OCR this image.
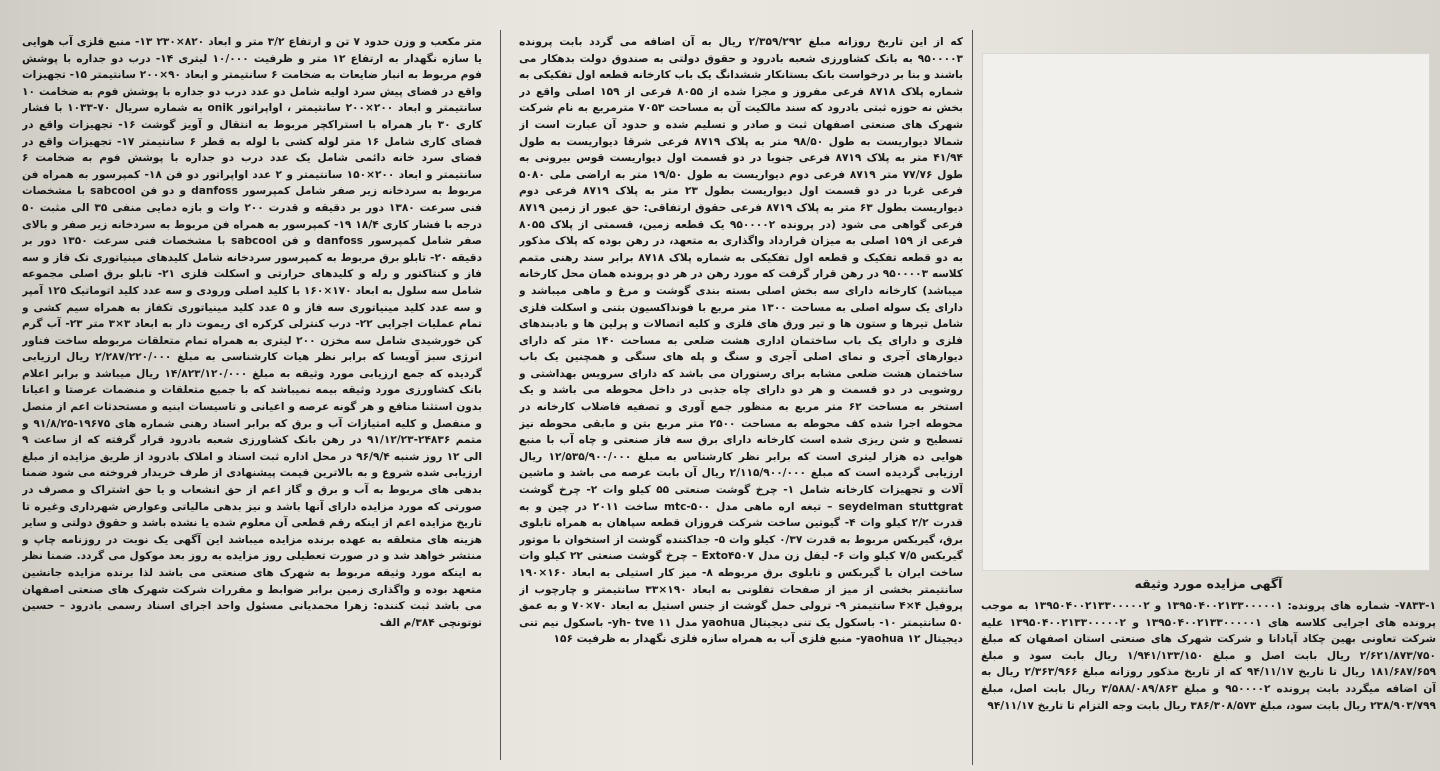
متر مکعب و وزن حدود ۷ تن و ارتفاع ۳/۲ متر و ابعاد ۸۲۰×۲۳۰ ۱۳- منبع فلزی آب هوایی یا سازه نگهدار به ارتفاع ۱۲ متر و ظرفیت ۱۰/۰۰۰ لیتری ۱۴- درب دو جداره با پوشش فوم مربوط به انبار ضایعات به ضخامت ۶ سانتیمتر و ابعاد ۹۰×۲۰۰ سانتیمتر ۱۵- تجهیزات واقع در فضای پیش سرد اولیه شامل دو عدد درب دو جداره با پوشش فوم به ضخامت ۱۰ سانتیمتر و ابعاد ۲۰۰×۲۰۰ سانتیمتر ، اواپراتور onik به شماره سریال ۷۰-۱۰۳۳ با فشار کاری ۳۰ بار همراه با استراکچر مربوط به انتقال و آویز گوشت ۱۶- تجهیزات واقع در فضای کاری شامل ۱۶ متر لوله کشی با لوله به قطر ۶ سانتیمتر ۱۷- تجهیزات واقع در فضای سرد خانه دائمی شامل یک عدد درب دو جداره با پوشش فوم به ضخامت ۶ سانتیمتر و ابعاد ۲۰۰×۱۵۰ سانتیمتر و ۲ عدد اواپراتور دو فن ۱۸- کمپرسور به همراه فن مربوط به سردخانه زیر صفر شامل کمپرسور danfoss و دو فن sabcool با مشخصات فنی سرعت ۱۳۸۰ دور بر دقیقه و قدرت ۲۰۰ وات و بازه دمایی منفی ۳۵ الی مثبت ۵۰ درجه با فشار کاری ۱۸/۴ ۱۹- کمپرسور به همراه فن مربوط به سردخانه زیر صفر و بالای صفر شامل کمپرسور danfoss و فن sabcool با مشخصات فنی سرعت ۱۳۵۰ دور بر دقیقه ۲۰- تابلو برق مربوط به کمپرسور سردخانه شامل کلیدهای مینیاتوری تک فاز و سه فاز و کنتاکتور و رله و کلیدهای حرارتی و اسکلت فلزی ۲۱- تابلو برق اصلی مجموعه شامل سه سلول به ابعاد ۱۷۰×۱۶۰ با کلید اصلی ورودی و سه عدد کلید اتوماتیک ۱۲۵ آمپر و سه عدد کلید مینیاتوری سه فاز و ۵ عدد کلید مینیاتوری تکفاز به همراه سیم کشی و تمام عملیات اجرایی ۲۲- درب کنترلی کرکره ای ریموت دار به ابعاد ۳×۳ متر ۲۳- آب گرم کن خورشیدی شامل سه مخزن ۲۰۰ لیتری به همراه تمام متعلقات مربوطه ساخت فناور انرژی سبز آویسا که برابر نظر هیات کارشناسی به مبلغ ۲/۲۸۷/۲۲۰/۰۰۰ ریال ارزیابی گردیده که جمع ارزیابی مورد وثیقه به مبلغ ۱۴/۸۲۳/۱۲۰/۰۰۰ ریال میباشد و برابر اعلام بانک کشاورزی مورد وثیقه بیمه نمیباشد که با جمیع متعلقات و منضمات عرصتا و اعیانا بدون استثنا منافع و هر گونه عرصه و اعیانی و تاسیسات ابنیه و مستحدثات اعم از متصل و منفصل و کلیه امتیازات آب و برق که برابر اسناد رهنی شماره های ۱۹۶۷۵-۹۱/۸/۲۵ و متمم ۲۴۸۳۶-۹۱/۱۲/۲۳ در رهن بانک کشاورزی شعبه بادرود قرار گرفته که از ساعت ۹ الی ۱۲ روز شنبه ۹۶/۹/۴ در محل اداره ثبت اسناد و املاک بادرود از طریق مزایده از مبلغ ارزیابی شده شروع و به بالاترین قیمت پیشنهادی از طرف خریدار فروخته می شود ضمنا بدهی های مربوط به آب و برق و گاز اعم از حق انشعاب و یا حق اشتراک و مصرف در صورتی که مورد مزایده دارای آنها باشد و نیز بدهی مالیاتی وعوارض شهرداری وغیره تا تاریخ مزایده اعم از اینکه رقم قطعی آن معلوم شده یا نشده باشد و حقوق دولتی و سایر هزینه های متعلقه به عهده برنده مزایده میباشد این آگهی یک نوبت در روزنامه چاپ و منتشر خواهد شد و در صورت تعطیلی روز مزایده به روز بعد موکول می گردد. ضمنا نظر به اینکه مورد وثیقه مربوط به شهرک های صنعتی می باشد لذا برنده مزایده جانشین متعهد بوده و واگذاری زمین برابر ضوابط و مقررات شرکت شهرک های صنعتی اصفهان می باشد ثبت کننده: زهرا محمدیانی مسئول واحد اجرای اسناد رسمی بادرود – حسین توتونچی ۳۸۴/م الف

که از این تاریخ روزانه مبلغ ۲/۳۵۹/۲۹۲ ریال به آن اضافه می گردد بابت پرونده ۹۵۰۰۰۰۳ به بانک کشاورزی شعبه بادرود و حقوق دولتی به صندوق دولت بدهکار می باشند و بنا بر درخواست بانک بستانکار ششدانگ یک باب کارخانه قطعه اول تفکیکی به شماره پلاک ۸۷۱۸ فرعی مفروز و مجزا شده از ۸۰۵۵ فرعی از ۱۵۹ اصلی واقع در بخش نه حوزه ثبتی بادرود که سند مالکیت آن به مساحت ۷۰۵۳ مترمربع به نام شرکت شهرک های صنعتی اصفهان ثبت و صادر و تسلیم شده و حدود آن عبارت است از شمالا دیواریست به طول ۹۸/۵۰ متر به پلاک ۸۷۱۹ فرعی شرقا دیواریست به طول ۴۱/۹۴ متر به پلاک ۸۷۱۹ فرعی جنوبا در دو قسمت اول دیواریست قوس بیرونی به طول ۷۷/۷۶ متر ۸۷۱۹ فرعی دوم دیواریست به طول ۱۹/۵۰ متر به اراضی ملی ۵۰۸۰ فرعی غربا در دو قسمت اول دیواریست بطول ۲۳ متر به پلاک ۸۷۱۹ فرعی دوم دیواریست بطول ۶۳ متر به پلاک ۸۷۱۹ فرعی حقوق ارتفاقی: حق عبور از زمین ۸۷۱۹ فرعی گواهی می شود (در پرونده ۹۵۰۰۰۰۲ یک قطعه زمین، قسمتی از پلاک ۸۰۵۵ فرعی از ۱۵۹ اصلی به میزان قرارداد واگذاری به متعهد، در رهن بوده که پلاک مذکور به دو قطعه تفکیک و قطعه اول تفکیکی به شماره پلاک ۸۷۱۸ برابر سند رهنی متمم کلاسه ۹۵۰۰۰۰۳ در رهن قرار گرفت که مورد رهن در هر دو پرونده همان محل کارخانه میباشد) کارخانه دارای سه بخش اصلی بسته بندی گوشت و مرغ و ماهی میباشد و دارای یک سوله اصلی به مساحت ۱۳۰۰ متر مربع با فونداکسیون بتنی و اسکلت فلزی شامل تیرها و ستون ها و تیر ورق های فلزی و کلیه اتصالات و پرلین ها و بادبندهای فلزی و دارای یک باب ساختمان اداری هشت ضلعی به مساحت ۱۴۰ متر که دارای دیوارهای آجری و نمای اصلی آجری و سنگ و پله های سنگی و همچنین یک باب ساختمان هشت ضلعی مشابه برای رستوران می باشد که دارای سرویس بهداشتی و روشویی در دو قسمت و هر دو دارای چاه جذبی در داخل محوطه می باشد و یک استخر به مساحت ۶۲ متر مربع به منظور جمع آوری و تصفیه فاضلاب کارخانه در محوطه اجرا شده کف محوطه به مساحت ۲۵۰۰ متر مربع بتن و مابقی محوطه نیز تسطیح و شن ریزی شده است کارخانه دارای برق سه فاز صنعتی و چاه آب با منبع هوایی ده هزار لیتری است که برابر نظر کارشناس به مبلغ ۱۲/۵۳۵/۹۰۰/۰۰۰ ریال ارزیابی گردیده است که مبلغ ۲/۱۱۵/۹۰۰/۰۰۰ ریال آن بابت عرصه می باشد و ماشین آلات و تجهیزات کارخانه شامل ۱- چرخ گوشت صنعتی ۵۵ کیلو وات ۲- چرخ گوشت seydelman stuttgrat – تیغه اره ماهی مدل mtc-۵۰۰ ساخت ۲۰۱۱ در چین و به قدرت ۲/۲ کیلو وات ۴- گیوتین ساخت شرکت فروزان قطعه سپاهان به همراه تابلوی برق، گیربکس مربوط به قدرت ۰/۳۷ کیلو وات ۵- جداکننده گوشت از استخوان با موتور گیربکس ۷/۵ کیلو وات ۶- لیفل زن مدل Exto۴۵۰۷ – چرخ گوشت صنعتی ۲۲ کیلو وات ساخت ایران با گیربکس و تابلوی برق مربوطه ۸- میز کار استیلی به ابعاد ۱۶۰×۱۹۰ سانتیمتر بخشی از میز از صفحات تفلونی به ابعاد ۱۹۰×۳۳ سانتیمتر و چارچوب از پروفیل ۴×۴ سانتیمتر ۹- ترولی حمل گوشت از جنس استیل به ابعاد ۷۰×۷۰ و به عمق ۵۰ سانتیمتر ۱۰- باسکول یک تنی دیجیتال yaohua مدل yh- tve ۱۱- باسکول نیم تنی دیجیتال yaohua ۱۲- منبع فلزی آب به همراه سازه فلزی نگهدار به ظرفیت ۱۵۶

آگهی مزایده مورد وثیقه

۷۸۳۳-۱- شماره های پرونده: ۱۳۹۵۰۴۰۰۲۱۳۳۰۰۰۰۰۱ و ۱۳۹۵۰۴۰۰۲۱۳۳۰۰۰۰۰۲ به موجب پرونده های اجرایی کلاسه های ۱۳۹۵۰۴۰۰۲۱۳۳۰۰۰۰۰۱ و ۱۳۹۵۰۴۰۰۲۱۳۳۰۰۰۰۰۲ علیه شرکت تعاونی بهین چکاد آپادانا و شرکت شهرک های صنعتی استان اصفهان که مبلغ ۲/۶۲۱/۸۷۳/۷۵۰ ریال بابت اصل و مبلغ ۱/۹۴۱/۱۳۳/۱۵۰ ریال بابت سود و مبلغ ۱۸۱/۶۸۷/۶۵۹ ریال تا تاریخ ۹۴/۱۱/۱۷ که از تاریخ مذکور روزانه مبلغ ۲/۳۶۳/۹۶۶ ریال به آن اضافه میگردد بابت پرونده ۹۵۰۰۰۰۲ و مبلغ ۳/۵۸۸/۰۸۹/۸۶۳ ریال بابت اصل، مبلغ ۲۳۸/۹۰۳/۷۹۹ ریال بابت سود، مبلغ ۳۸۶/۳۰۸/۵۷۳ ریال بابت وجه التزام تا تاریخ ۹۴/۱۱/۱۷
